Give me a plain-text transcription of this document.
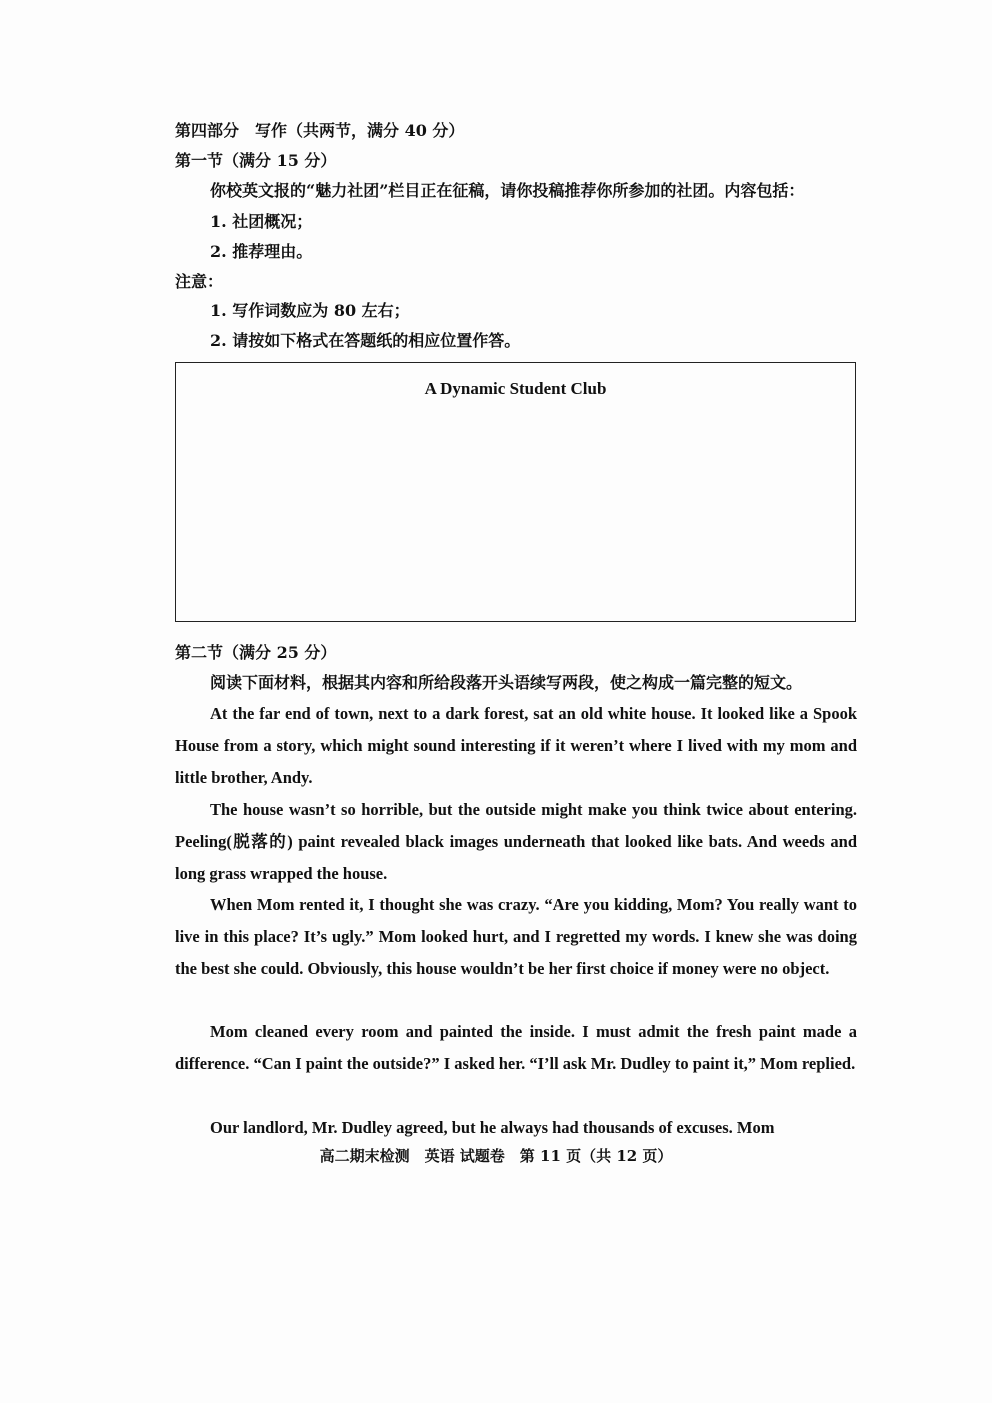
第四部分　写作（共两节，满分 40 分）
第一节（满分 15 分）
你校英文报的“魅力社团”栏目正在征稿，请你投稿推荐你所参加的社团。内容包括：
1. 社团概况；
2. 推荐理由。
注意：
1. 写作词数应为 80 左右；
2. 请按如下格式在答题纸的相应位置作答。
A Dynamic Student Club
第二节（满分 25 分）
阅读下面材料，根据其内容和所给段落开头语续写两段，使之构成一篇完整的短文。
At the far end of town, next to a dark forest, sat an old white house. It looked like a Spook House from a story, which might sound interesting if it weren’t where I lived with my mom and little brother, Andy.
The house wasn’t so horrible, but the outside might make you think twice about entering. Peeling(脱落的) paint revealed black images underneath that looked like bats. And weeds and long grass wrapped the house.
When Mom rented it, I thought she was crazy. “Are you kidding, Mom? You really want to live in this place? It’s ugly.” Mom looked hurt, and I regretted my words. I knew she was doing the best she could. Obviously, this house wouldn’t be her first choice if money were no object.
Mom cleaned every room and painted the inside. I must admit the fresh paint made a difference. “Can I paint the outside?” I asked her. “I’ll ask Mr. Dudley to paint it,” Mom replied.
Our landlord, Mr. Dudley agreed, but he always had thousands of excuses. Mom
高二期末检测　英语 试题卷　第 11 页（共 12 页）
